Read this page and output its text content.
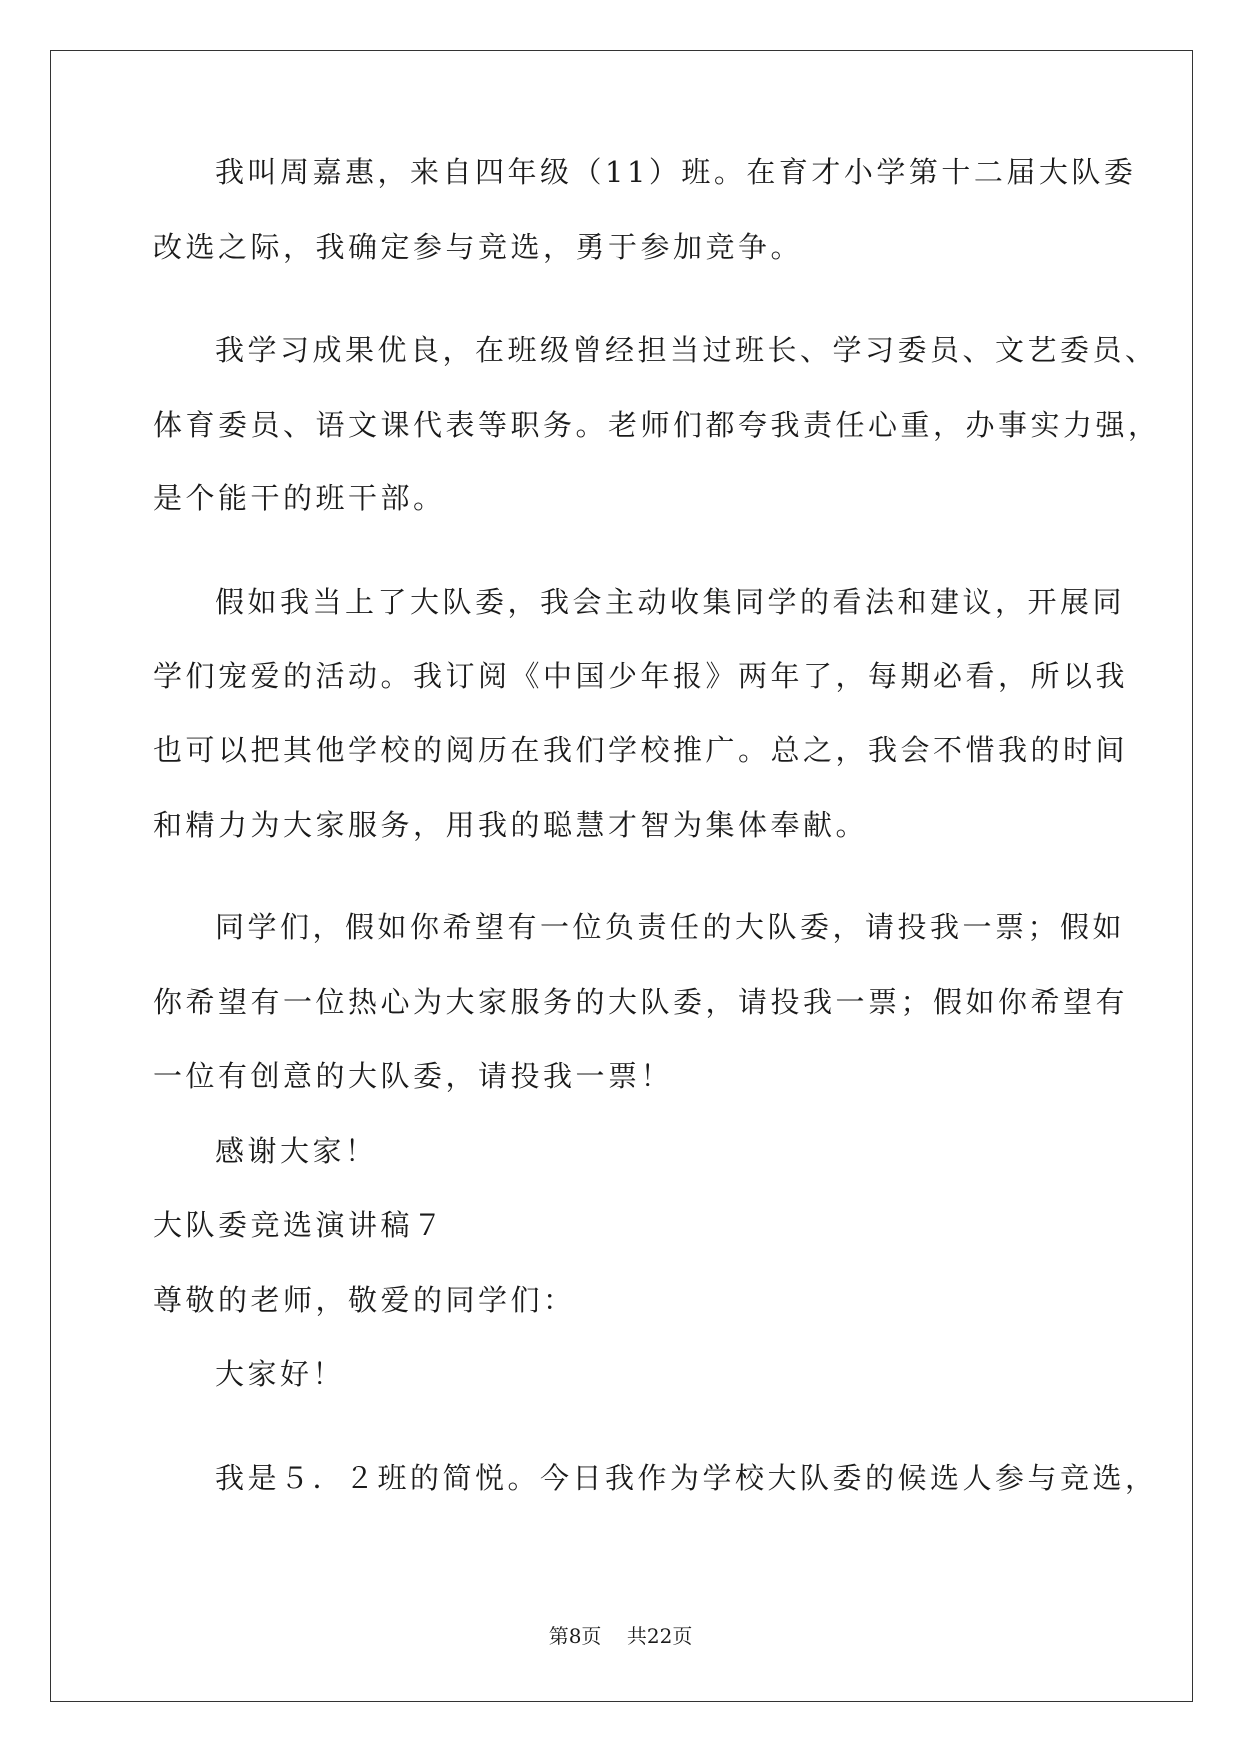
我叫周嘉惠，来自四年级（11）班。在育才小学第十二届大队委
改选之际，我确定参与竞选，勇于参加竞争。
我学习成果优良，在班级曾经担当过班长、学习委员、文艺委员、
体育委员、语文课代表等职务。老师们都夸我责任心重，办事实力强，
是个能干的班干部。
假如我当上了大队委，我会主动收集同学的看法和建议，开展同
学们宠爱的活动。我订阅《中国少年报》两年了，每期必看，所以我
也可以把其他学校的阅历在我们学校推广。总之，我会不惜我的时间
和精力为大家服务，用我的聪慧才智为集体奉献。
同学们，假如你希望有一位负责任的大队委，请投我一票；假如
你希望有一位热心为大家服务的大队委，请投我一票；假如你希望有
一位有创意的大队委，请投我一票！
感谢大家！
大队委竞选演讲稿７
尊敬的老师，敬爱的同学们：
大家好！
我是５．２班的简悦。今日我作为学校大队委的候选人参与竞选，
第8页 共22页
